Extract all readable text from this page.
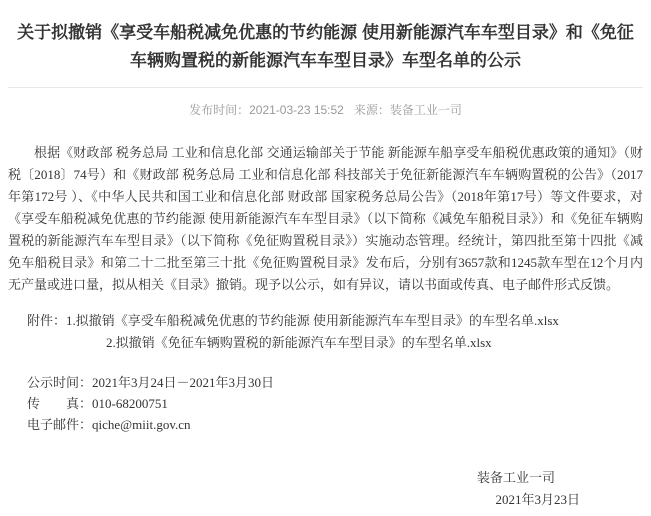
关于拟撤销《享受车船税减免优惠的节约能源 使用新能源汽车车型目录》和《免征车辆购置税的新能源汽车车型目录》车型名单的公示
发布时间：2021-03-23 15:52 来源：装备工业一司

根据《财政部 税务总局 工业和信息化部 交通运输部关于节能 新能源车船享受车船税优惠政策的通知》（财税〔2018〕74号）和《财政部 税务总局 工业和信息化部 科技部关于免征新能源汽车车辆购置税的公告》（2017年第172号 ）、《中华人民共和国工业和信息化部 财政部 国家税务总局公告》（2018年第17号）等文件要求，对《享受车船税减免优惠的节约能源 使用新能源汽车车型目录》（以下简称《减免车船税目录》）和《免征车辆购置税的新能源汽车车型目录》（以下简称《免征购置税目录》）实施动态管理。经统计，第四批至第十四批《减免车船税目录》和第二十二批至第三十批《免征购置税目录》发布后，分别有3657款和1245款车型在12个月内无产量或进口量，拟从相关《目录》撤销。现予以公示，如有异议，请以书面或传真、电子邮件形式反馈。

附件：1.拟撤销《享受车船税减免优惠的节约能源 使用新能源汽车车型目录》的车型名单.xlsx
2.拟撤销《免征车辆购置税的新能源汽车车型目录》的车型名单.xlsx
公示时间：2021年3月24日－2021年3月30日
传　　真：010-68200751
电子邮件：qiche@miit.gov.cn
装备工业一司
2021年3月23日
